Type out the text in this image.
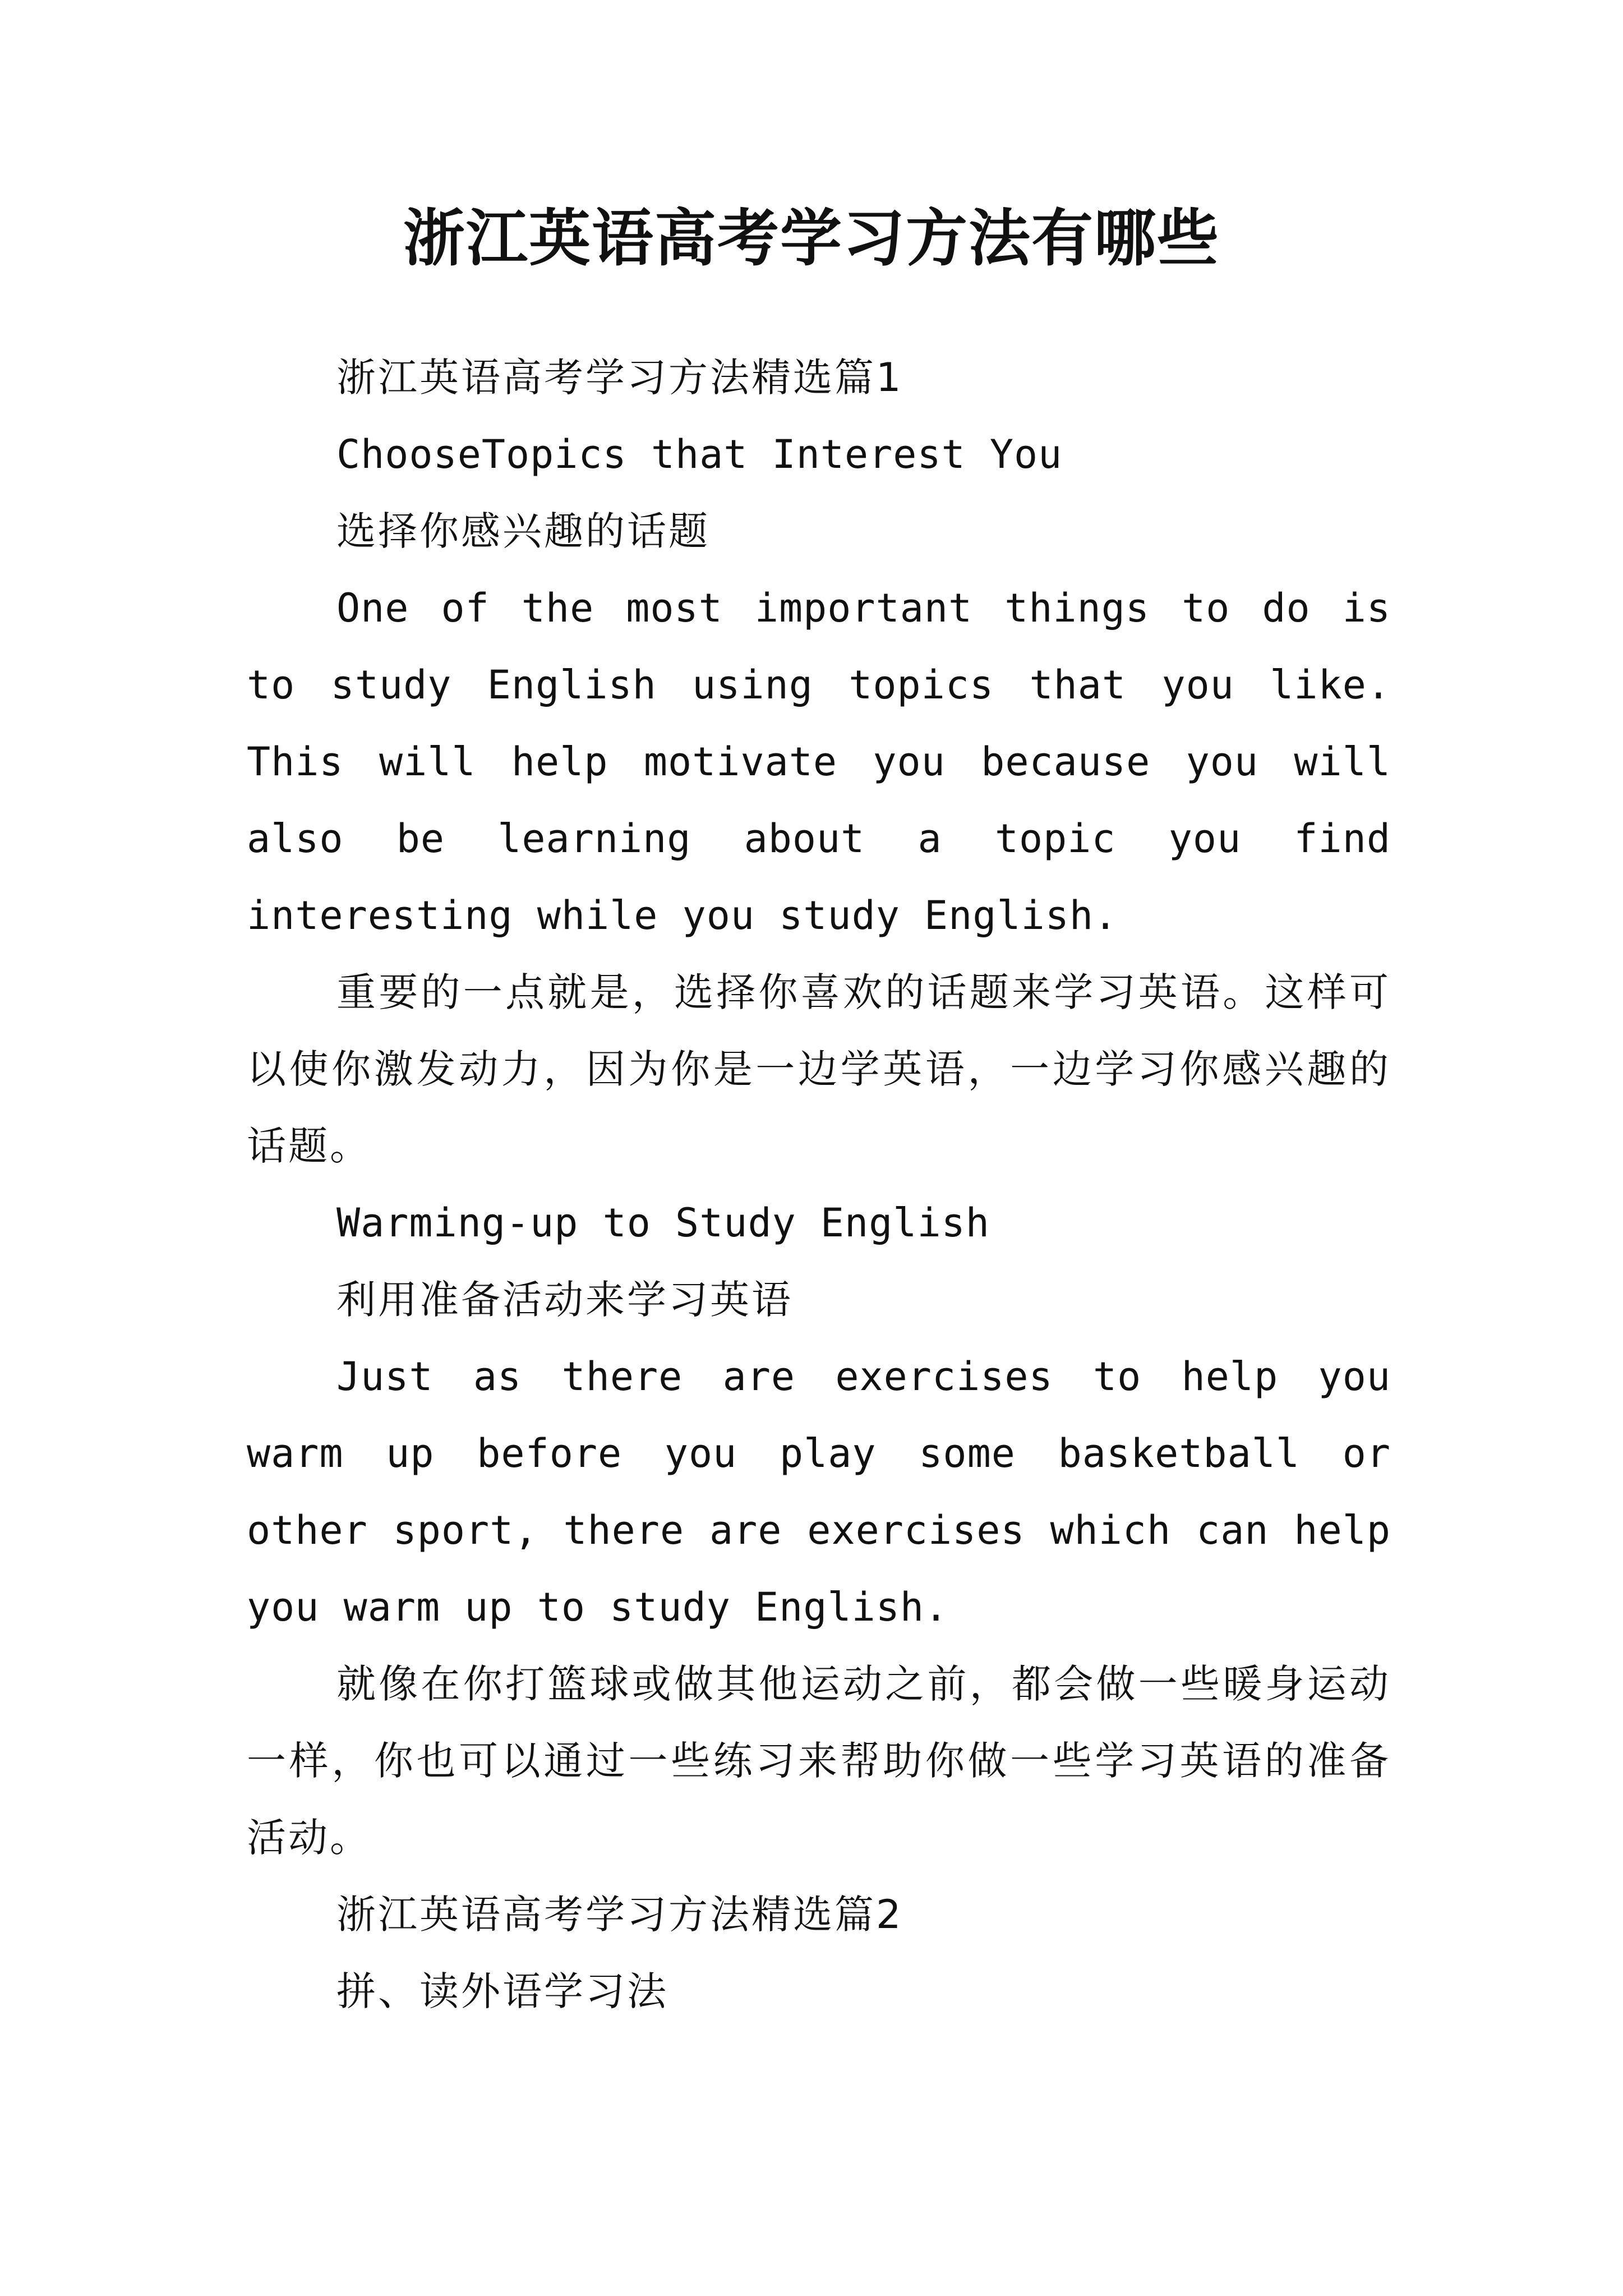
浙江英语高考学习方法有哪些

浙江英语高考学习方法精选篇1

ChooseTopics that Interest You

选择你感兴趣的话题

One of the most important things to do is to study English using topics that you like. This will help motivate you because you will also be learning about a topic you find interesting while you study English.

重要的一点就是，选择你喜欢的话题来学习英语。这样可以使你激发动力，因为你是一边学英语，一边学习你感兴趣的话题。

Warming-up to Study English

利用准备活动来学习英语

Just as there are exercises to help you warm up before you play some basketball or other sport, there are exercises which can help you warm up to study English.

就像在你打篮球或做其他运动之前，都会做一些暖身运动一样，你也可以通过一些练习来帮助你做一些学习英语的准备活动。

浙江英语高考学习方法精选篇2

拼、读外语学习法
